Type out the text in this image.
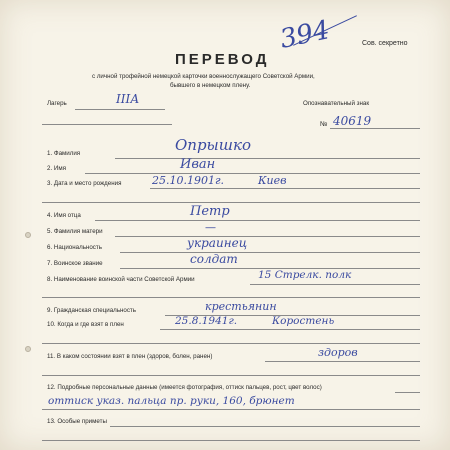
Сов. секретно
394
ПЕРЕВОД
с личной трофейной немецкой карточки военнослужащего Советской Армии,
бывшего в немецком плену.
Лагерь	IIIА	Опознавательный знак
№ 40619
1. Фамилия	Опрышко
2. Имя	Иван
3. Дата и место рождения	25.10.1901г.	Киев
4. Имя отца	Петр
5. Фамилия матери	—
6. Национальность	украинец
7. Воинское звание	солдат
8. Наименование воинской части Советской Армии	15 Стрелк. полк
9. Гражданская специальность	крестьянин
10. Когда и где взят в плен	25.8.1941г.	Коростень
11. В каком состоянии взят в плен (здоров, болен, ранен)	здоров
12. Подробные персональные данные (имеется фотография, оттиск пальцев, рост, цвет волос)
оттиск указ. пальца пр. руки, 160, брюнет
13. Особые приметы
